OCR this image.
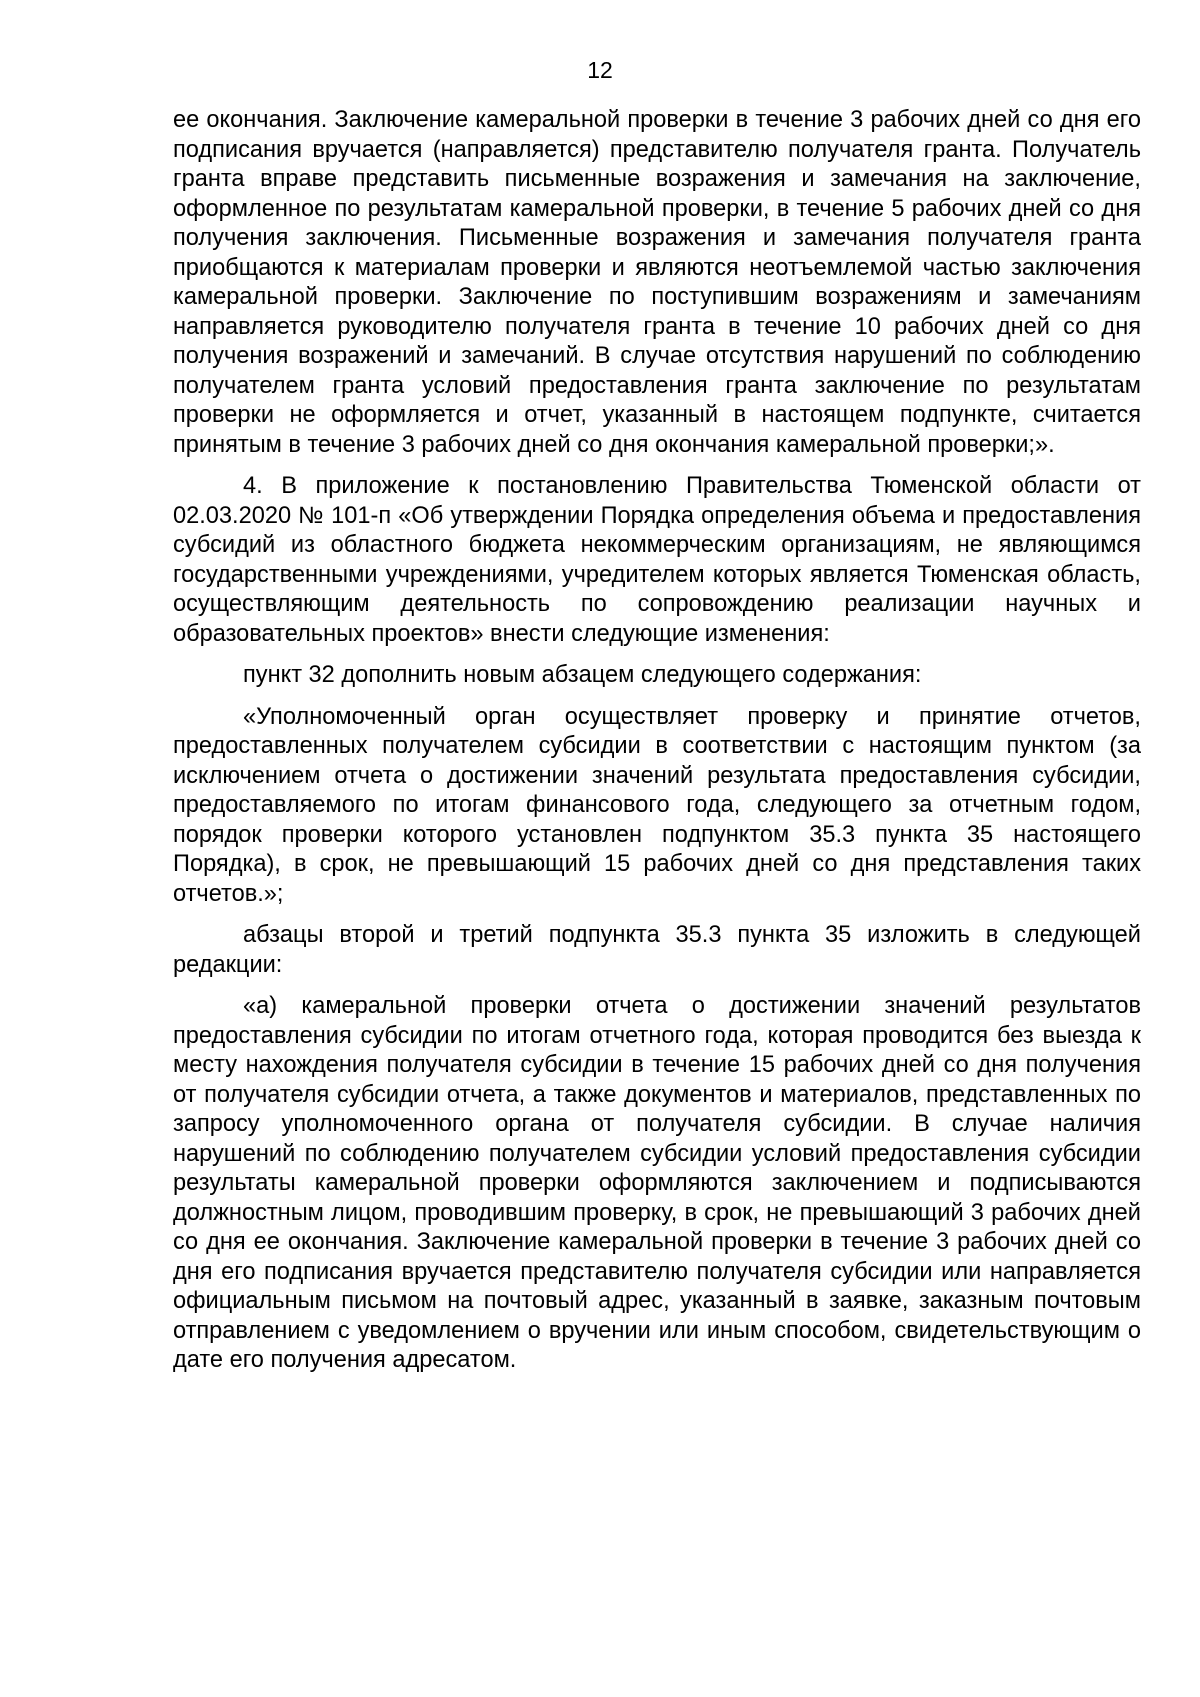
12

ее окончания. Заключение камеральной проверки в течение 3 рабочих дней со дня его подписания вручается (направляется) представителю получателя гранта. Получатель гранта вправе представить письменные возражения и замечания на заключение, оформленное по результатам камеральной проверки, в течение 5 рабочих дней со дня получения заключения. Письменные возражения и замечания получателя гранта приобщаются к материалам проверки и являются неотъемлемой частью заключения камеральной проверки. Заключение по поступившим возражениям и замечаниям направляется руководителю получателя гранта в течение 10 рабочих дней со дня получения возражений и замечаний. В случае отсутствия нарушений по соблюдению получателем гранта условий предоставления гранта заключение по результатам проверки не оформляется и отчет, указанный в настоящем подпункте, считается принятым в течение 3 рабочих дней со дня окончания камеральной проверки;».

4. В приложение к постановлению Правительства Тюменской области от 02.03.2020 № 101-п «Об утверждении Порядка определения объема и предоставления субсидий из областного бюджета некоммерческим организациям, не являющимся государственными учреждениями, учредителем которых является Тюменская область, осуществляющим деятельность по сопровождению реализации научных и образовательных проектов» внести следующие изменения:

пункт 32 дополнить новым абзацем следующего содержания:

«Уполномоченный орган осуществляет проверку и принятие отчетов, предоставленных получателем субсидии в соответствии с настоящим пунктом (за исключением отчета о достижении значений результата предоставления субсидии, предоставляемого по итогам финансового года, следующего за отчетным годом, порядок проверки которого установлен подпунктом 35.3 пункта 35 настоящего Порядка), в срок, не превышающий 15 рабочих дней со дня представления таких отчетов.»;

абзацы второй и третий подпункта 35.3 пункта 35 изложить в следующей редакции:

«а) камеральной проверки отчета о достижении значений результатов предоставления субсидии по итогам отчетного года, которая проводится без выезда к месту нахождения получателя субсидии в течение 15 рабочих дней со дня получения от получателя субсидии отчета, а также документов и материалов, представленных по запросу уполномоченного органа от получателя субсидии. В случае наличия нарушений по соблюдению получателем субсидии условий предоставления субсидии результаты камеральной проверки оформляются заключением и подписываются должностным лицом, проводившим проверку, в срок, не превышающий 3 рабочих дней со дня ее окончания. Заключение камеральной проверки в течение 3 рабочих дней со дня его подписания вручается представителю получателя субсидии или направляется официальным письмом на почтовый адрес, указанный в заявке, заказным почтовым отправлением с уведомлением о вручении или иным способом, свидетельствующим о дате его получения адресатом.
